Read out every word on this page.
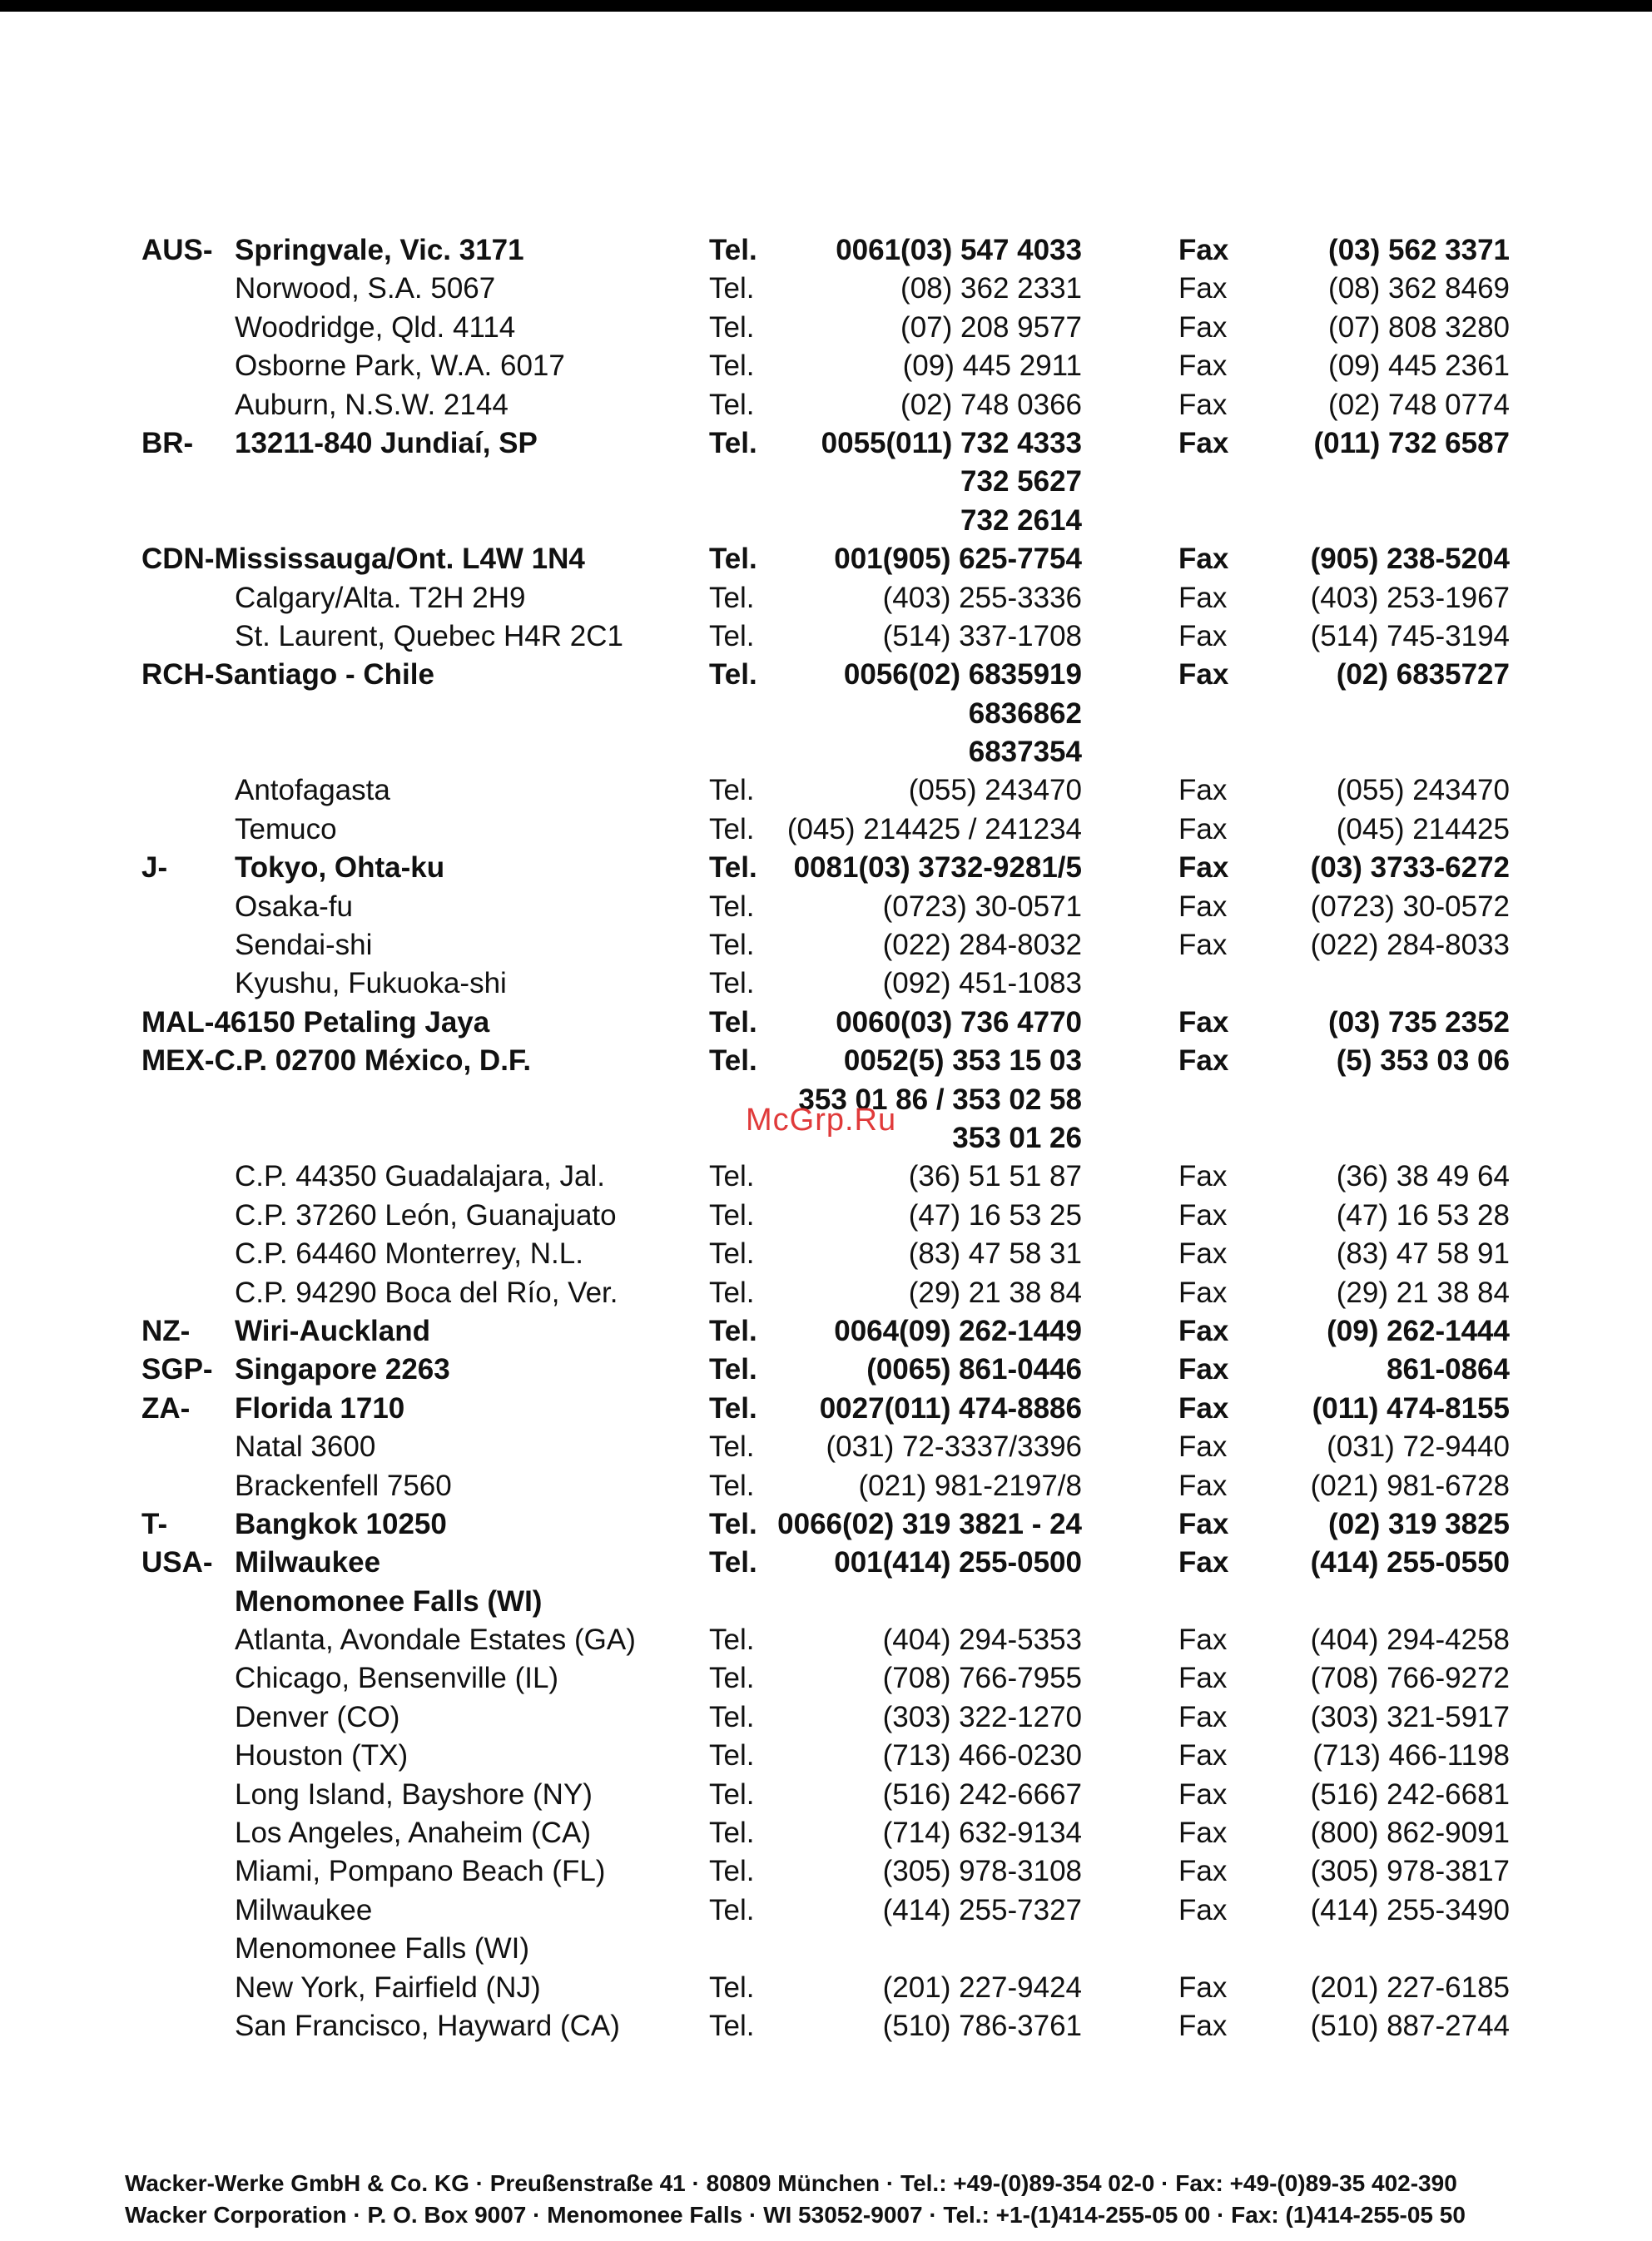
AUS- Springvale, Vic. 3171	Tel.	0061(03) 547 4033	Fax	(03) 562 3371
Norwood, S.A. 5067	Tel.	(08) 362 2331	Fax	(08) 362 8469
Woodridge, Qld. 4114	Tel.	(07) 208 9577	Fax	(07) 808 3280
Osborne Park, W.A. 6017	Tel.	(09) 445 2911	Fax	(09) 445 2361
Auburn, N.S.W. 2144	Tel.	(02) 748 0366	Fax	(02) 748 0774
BR- 13211-840 Jundiaí, SP	Tel. 0055(011) 732 4333	Fax	(011) 732 6587
732 5627
732 2614
CDN-Mississauga/Ont. L4W 1N4	Tel.	001(905) 625-7754	Fax	(905) 238-5204
Calgary/Alta. T2H 2H9	Tel.	(403) 255-3336	Fax	(403) 253-1967
St. Laurent, Quebec H4R 2C1	Tel.	(514) 337-1708	Fax	(514) 745-3194
RCH-Santiago - Chile	Tel.	0056(02) 6835919	Fax	(02) 6835727
6836862
6837354
Antofagasta	Tel.	(055) 243470	Fax	(055) 243470
Temuco	Tel. (045) 214425 / 241234	Fax	(045) 214425
J- Tokyo, Ohta-ku	Tel. 0081(03) 3732-9281/5	Fax	(03) 3733-6272
Osaka-fu	Tel.	(0723) 30-0571	Fax	(0723) 30-0572
Sendai-shi	Tel.	(022) 284-8032	Fax	(022) 284-8033
Kyushu, Fukuoka-shi	Tel.	(092) 451-1083
MAL-46150 Petaling Jaya	Tel.	0060(03) 736 4770	Fax	(03) 735 2352
MEX-C.P. 02700 México, D.F.	Tel.	0052(5) 353 15 03	Fax	(5) 353 03 06
353 01 86 / 353 02 58
353 01 26
C.P. 44350 Guadalajara, Jal.	Tel.	(36) 51 51 87	Fax	(36) 38 49 64
C.P. 37260 León, Guanajuato	Tel.	(47) 16 53 25	Fax	(47) 16 53 28
C.P. 64460 Monterrey, N.L.	Tel.	(83) 47 58 31	Fax	(83) 47 58 91
C.P. 94290 Boca del Río, Ver.	Tel.	(29) 21 38 84	Fax	(29) 21 38 84
NZ- Wiri-Auckland	Tel.	0064(09) 262-1449	Fax	(09) 262-1444
SGP- Singapore 2263	Tel.	(0065) 861-0446	Fax	861-0864
ZA- Florida 1710	Tel. 0027(011) 474-8886	Fax	(011) 474-8155
Natal 3600	Tel. (031) 72-3337/3396	Fax	(031) 72-9440
Brackenfell 7560	Tel.	(021) 981-2197/8	Fax	(021) 981-6728
T- Bangkok 10250	Tel. 0066(02) 319 3821 - 24	Fax	(02) 319 3825
USA- Milwaukee	Tel.	001(414) 255-0500	Fax	(414) 255-0550
Menomonee Falls (WI)
Atlanta, Avondale Estates (GA)	Tel.	(404) 294-5353	Fax	(404) 294-4258
Chicago, Bensenville (IL)	Tel.	(708) 766-7955	Fax	(708) 766-9272
Denver (CO)	Tel.	(303) 322-1270	Fax	(303) 321-5917
Houston (TX)	Tel.	(713) 466-0230	Fax	(713) 466-1198
Long Island, Bayshore (NY)	Tel.	(516) 242-6667	Fax	(516) 242-6681
Los Angeles, Anaheim (CA)	Tel.	(714) 632-9134	Fax	(800) 862-9091
Miami, Pompano Beach (FL)	Tel.	(305) 978-3108	Fax	(305) 978-3817
Milwaukee	Tel.	(414) 255-7327	Fax	(414) 255-3490
Menomonee Falls (WI)
New York, Fairfield (NJ)	Tel.	(201) 227-9424	Fax	(201) 227-6185
San Francisco, Hayward (CA)	Tel.	(510) 786-3761	Fax	(510) 887-2744
McGrp.Ru
Wacker-Werke GmbH & Co. KG · Preußenstraße 41 · 80809 München · Tel.: +49-(0)89-354 02-0 · Fax: +49-(0)89-35 402-390
Wacker Corporation · P. O. Box 9007 · Menomonee Falls · WI 53052-9007 · Tel.: +1-(1)414-255-05 00 · Fax: (1)414-255-05 50
